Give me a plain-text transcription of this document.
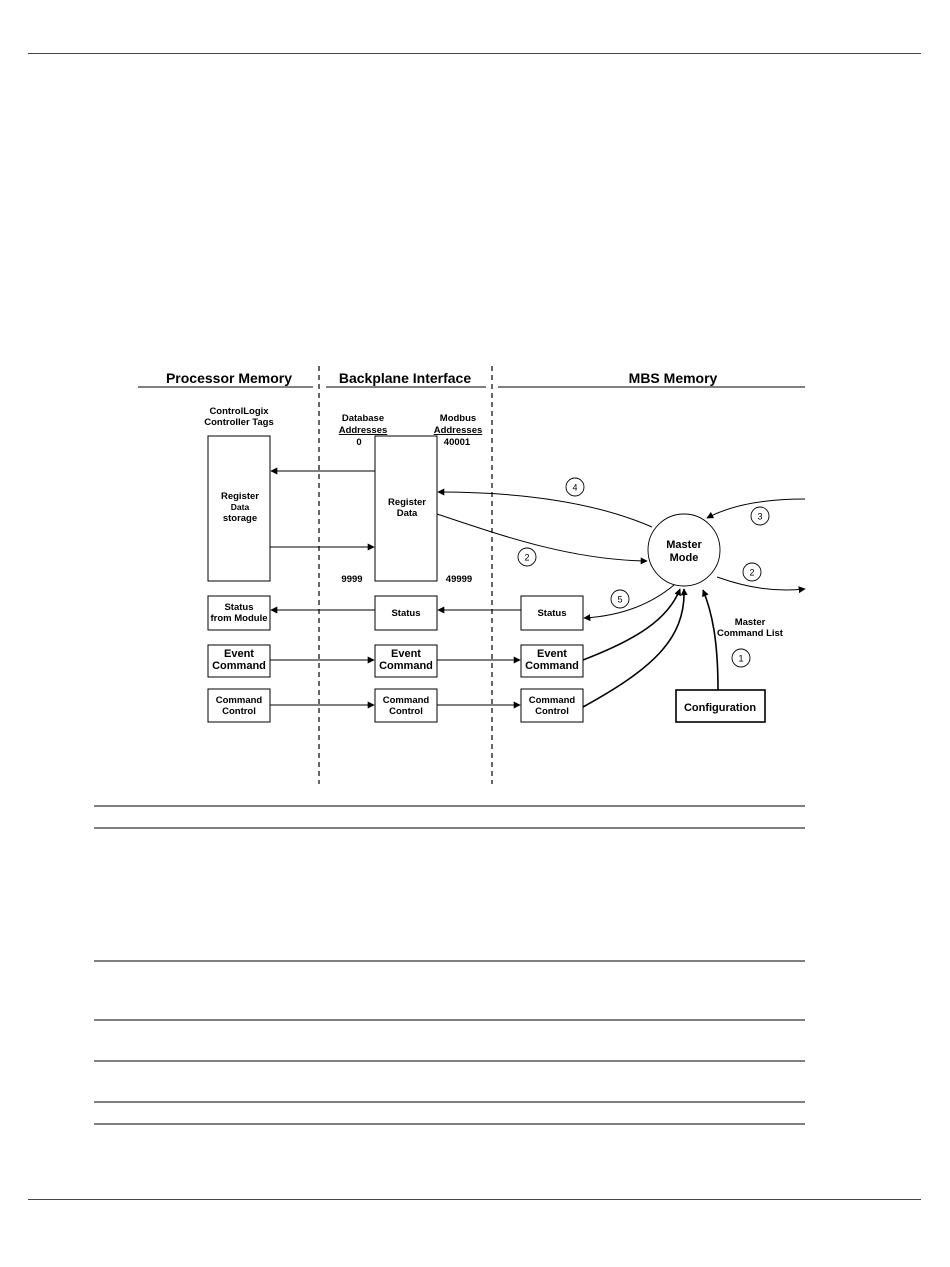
Processor Memory	Backplane Interface	MBS Memory
ControlLogix
Controller Tags	Database
Addresses
0
9999
Modbus
Addresses
40001
49999
Register
Data
storage
Register
Data
Master
Mode
4
2
3
2
5
1
Master
Command List
Status
from Module	Status	Status
Event
Command
Event
Command
Event
Command
Command
Control
Command
Control
Command
Control	Configuration
